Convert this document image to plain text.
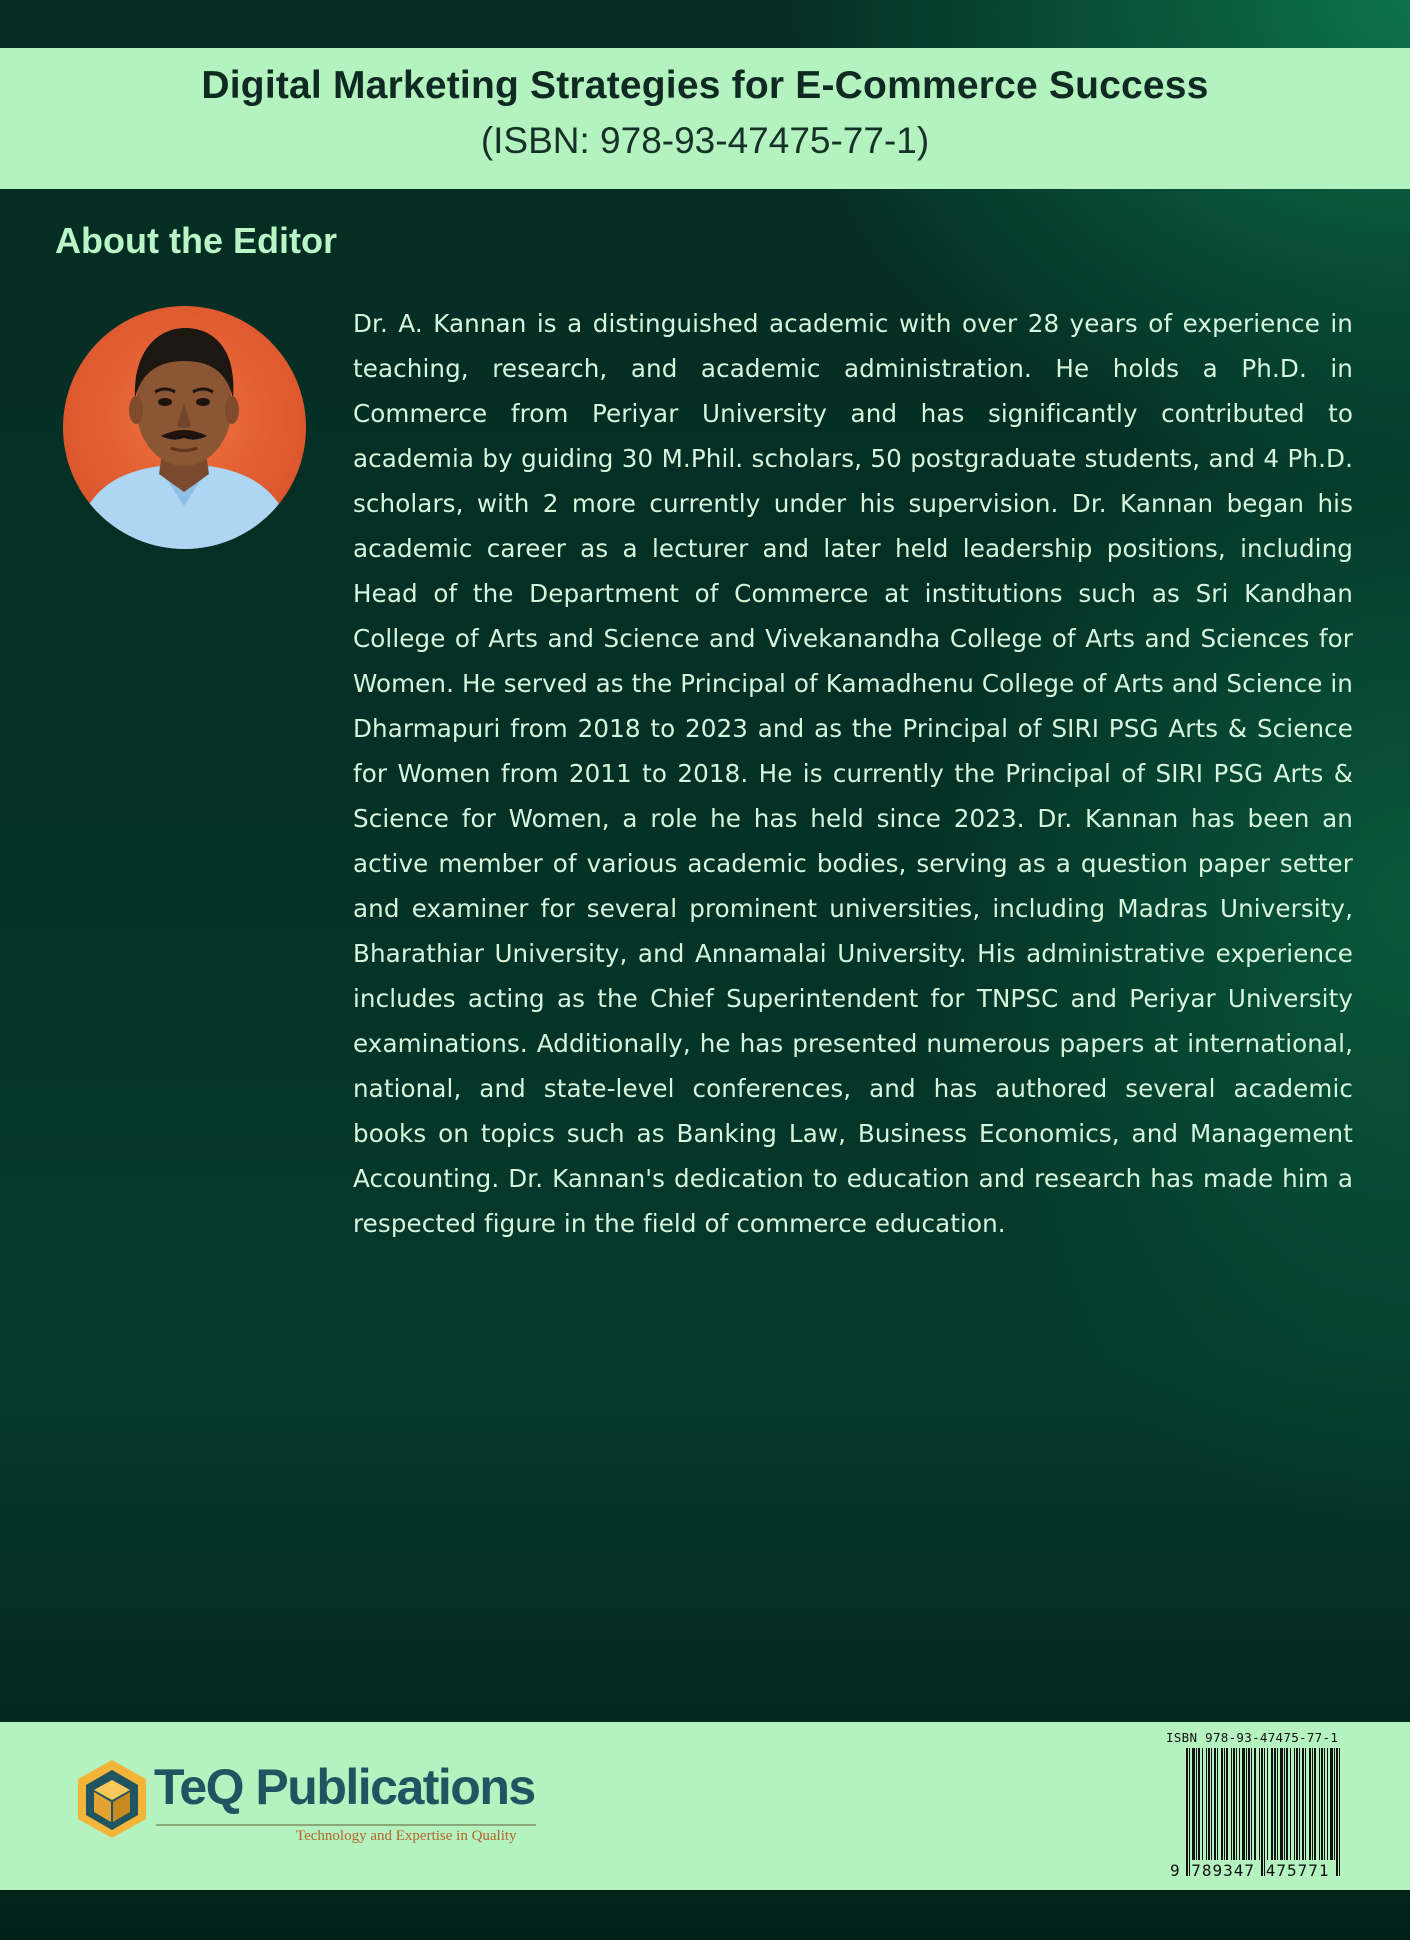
Digital Marketing Strategies for E-Commerce Success
(ISBN: 978-93-47475-77-1)
About the Editor
Dr. A. Kannan is a distinguished academic with over 28 years of experience in teaching, research, and academic administration. He holds a Ph.D. in Commerce from Periyar University and has significantly contributed to academia by guiding 30 M.Phil. scholars, 50 postgraduate students, and 4 Ph.D. scholars, with 2 more currently under his supervision. Dr. Kannan began his academic career as a lecturer and later held leadership positions, including Head of the Department of Commerce at institutions such as Sri Kandhan College of Arts and Science and Vivekanandha College of Arts and Sciences for Women. He served as the Principal of Kamadhenu College of Arts and Science in Dharmapuri from 2018 to 2023 and as the Principal of SIRI PSG Arts & Science for Women from 2011 to 2018. He is currently the Principal of SIRI PSG Arts & Science for Women, a role he has held since 2023. Dr. Kannan has been an active member of various academic bodies, serving as a question paper setter and examiner for several prominent universities, including Madras University, Bharathiar University, and Annamalai University. His administrative experience includes acting as the Chief Superintendent for TNPSC and Periyar University examinations. Additionally, he has presented numerous papers at international, national, and state-level conferences, and has authored several academic books on topics such as Banking Law, Business Economics, and Management Accounting. Dr. Kannan's dedication to education and research has made him a respected figure in the field of commerce education.
TeQ Publications
Technology and Expertise in Quality
ISBN 978-93-47475-77-1
9 789347 475771
